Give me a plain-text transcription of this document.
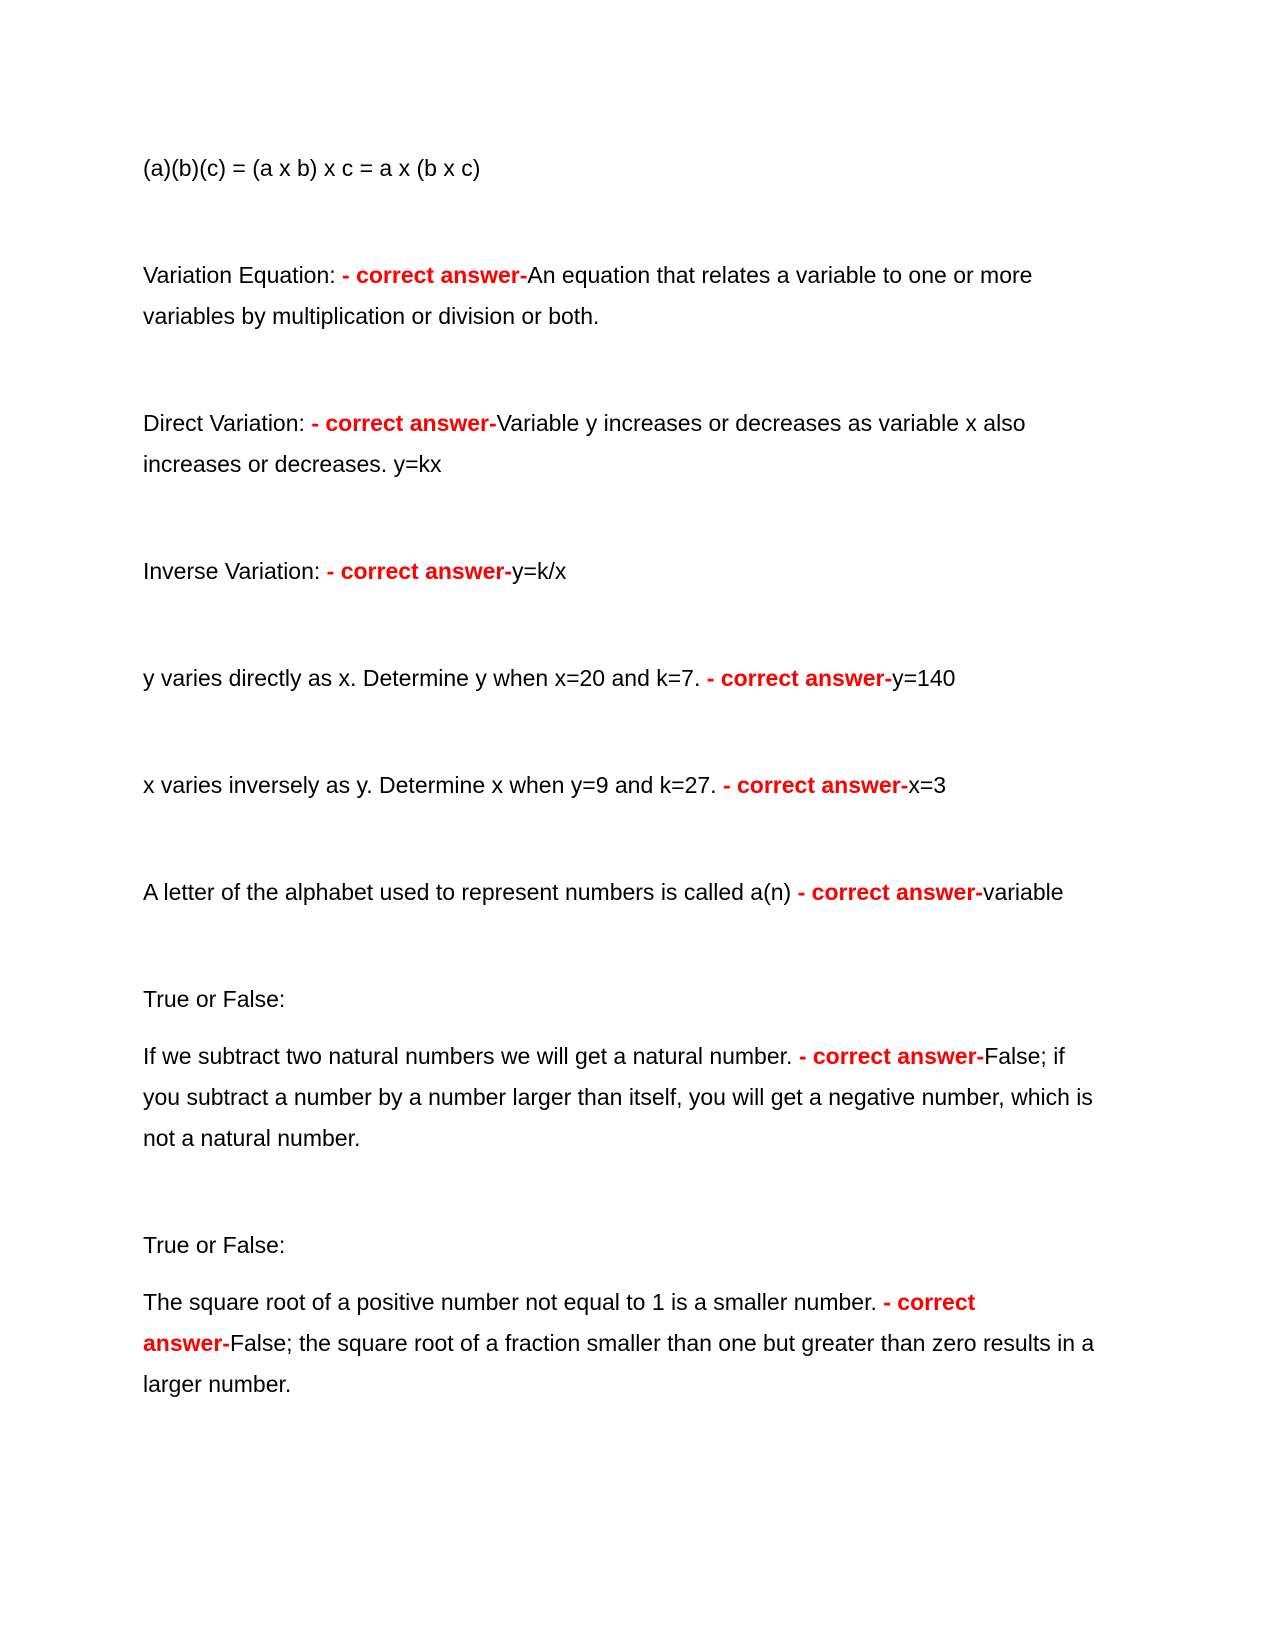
(a)(b)(c) = (a x b) x c = a x (b x c)

Variation Equation: - correct answer-An equation that relates a variable to one or more variables by multiplication or division or both.

Direct Variation: - correct answer-Variable y increases or decreases as variable x also increases or decreases. y=kx

Inverse Variation: - correct answer-y=k/x

y varies directly as x. Determine y when x=20 and k=7. - correct answer-y=140

x varies inversely as y. Determine x when y=9 and k=27. - correct answer-x=3

A letter of the alphabet used to represent numbers is called a(n) - correct answer-variable

True or False:

If we subtract two natural numbers we will get a natural number. - correct answer-⁠False; if you subtract a number by a number larger than itself, you will get a negative number, which is not a natural number.

True or False:

The square root of a positive number not equal to 1 is a smaller number. - correct answer-⁠False; the square root of a fraction smaller than one but greater than zero results in a larger number.
